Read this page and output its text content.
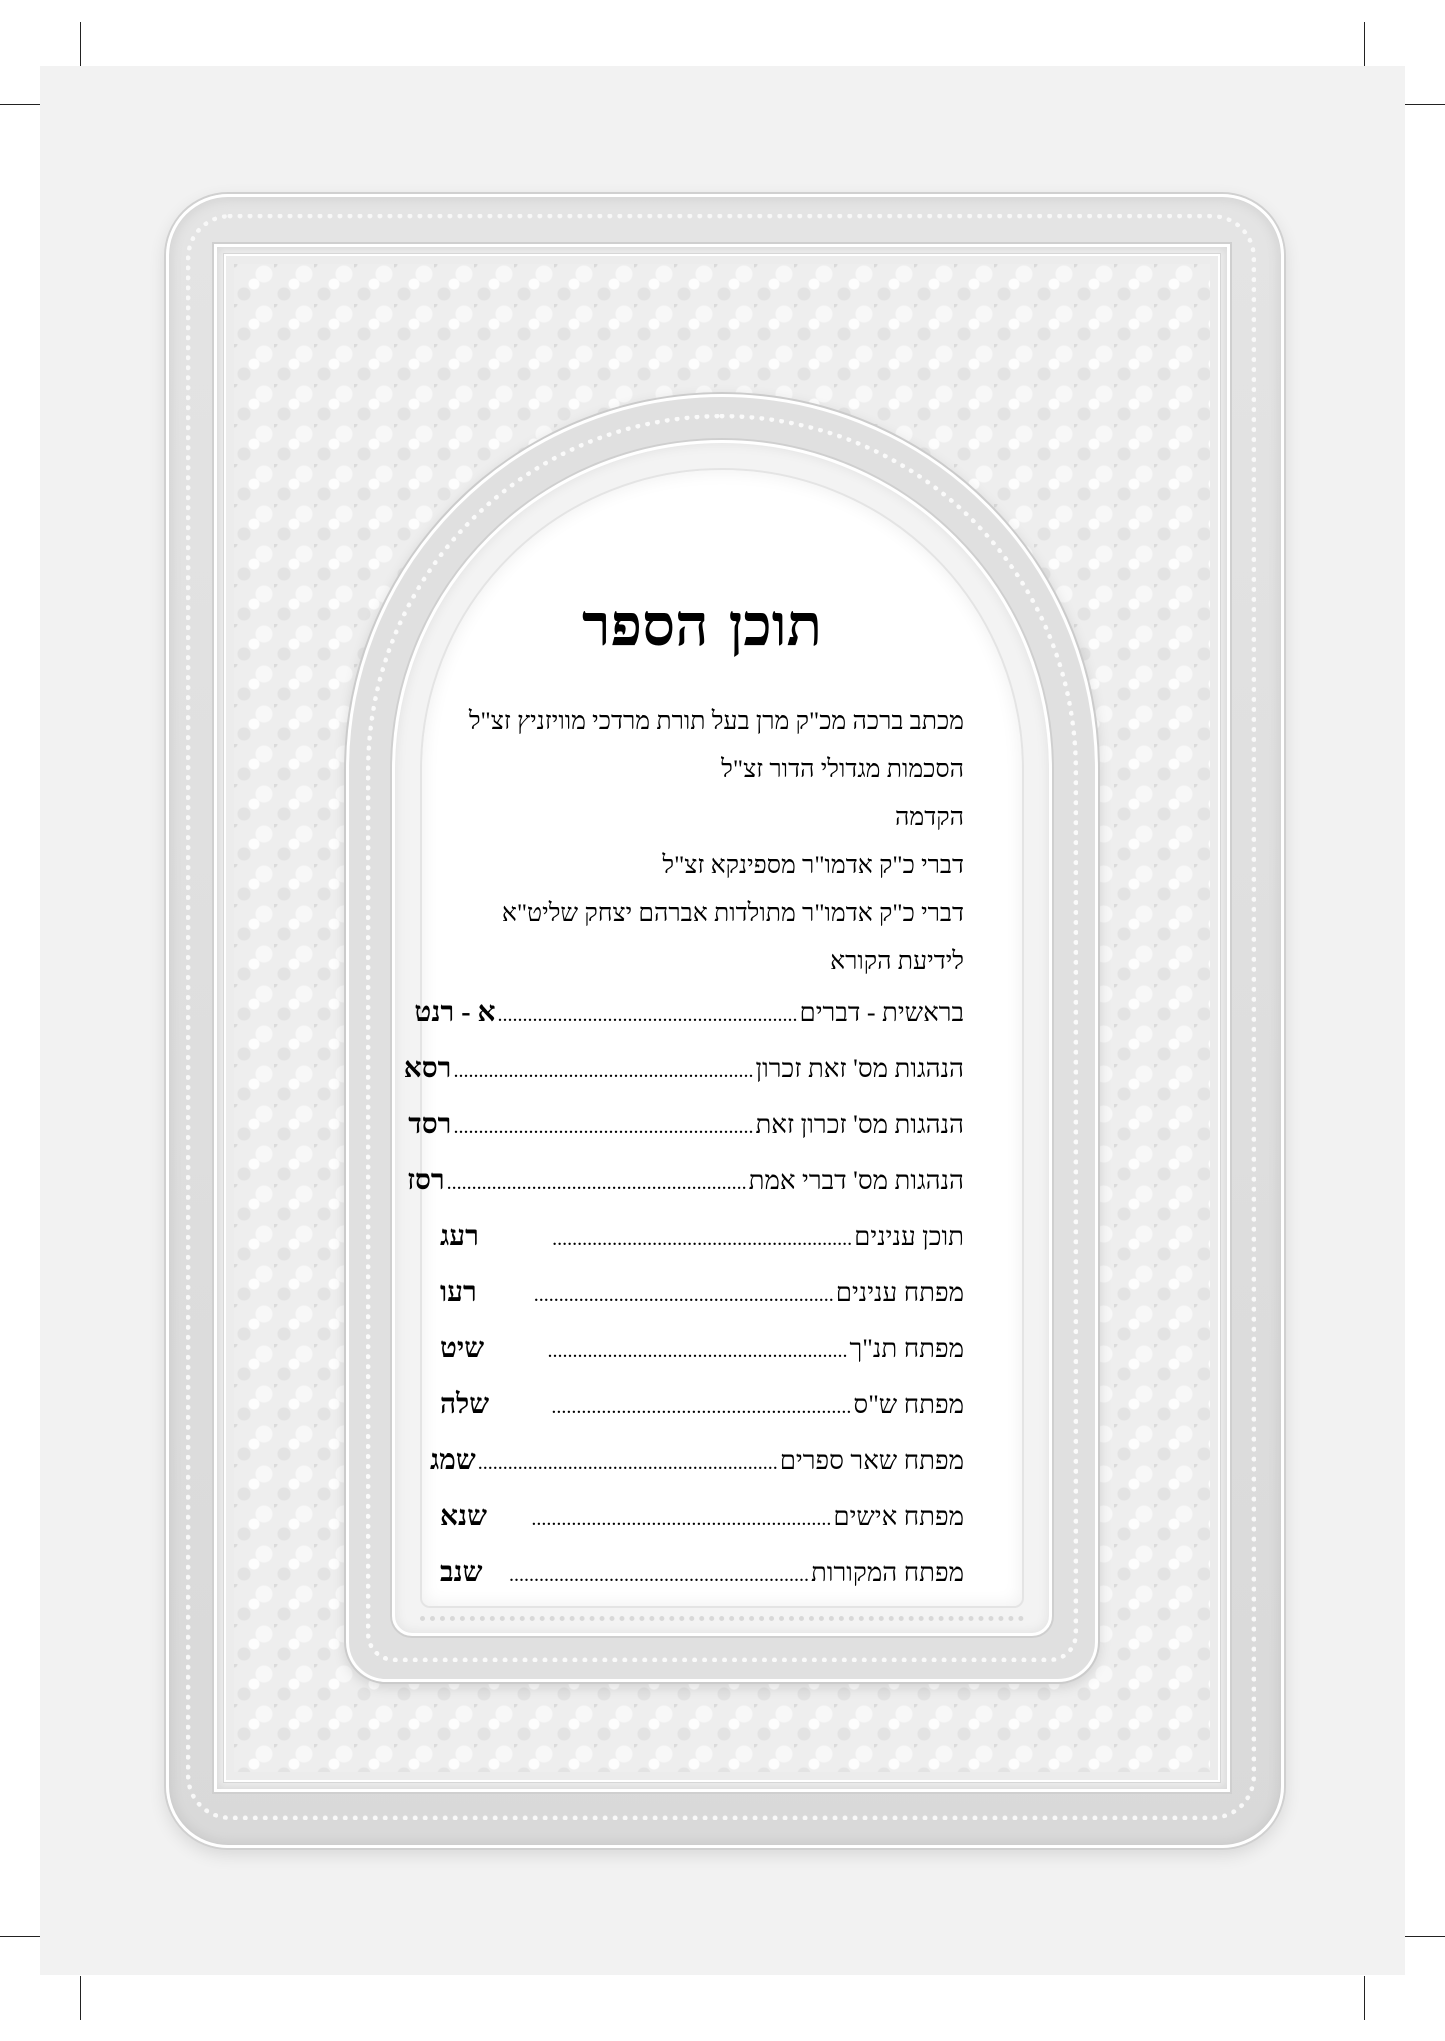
תוכן הספר
מכתב ברכה מכ"ק מרן בעל תורת מרדכי מוויזניץ זצ"ל
הסכמות מגדולי הדור זצ"ל
הקדמה
דברי כ"ק אדמו"ר מספינקא זצ"ל
דברי כ"ק אדמו"ר מתולדות אברהם יצחק שליט"א
לידיעת הקורא
בראשית - דברים
............................................................
א - רנט
הנהגות מס' זאת זכרון
............................................................
רסא
הנהגות מס' זכרון זאת
............................................................
רסד
הנהגות מס' דברי אמת
............................................................
רסז
תוכן ענינים
............................................................
רעג
מפתח ענינים
............................................................
רעו
מפתח תנ"ך
............................................................
שיט
מפתח ש"ס
............................................................
שלה
מפתח שאר ספרים
............................................................
שמג
מפתח אישים
............................................................
שנא
מפתח המקורות
............................................................
שנב
